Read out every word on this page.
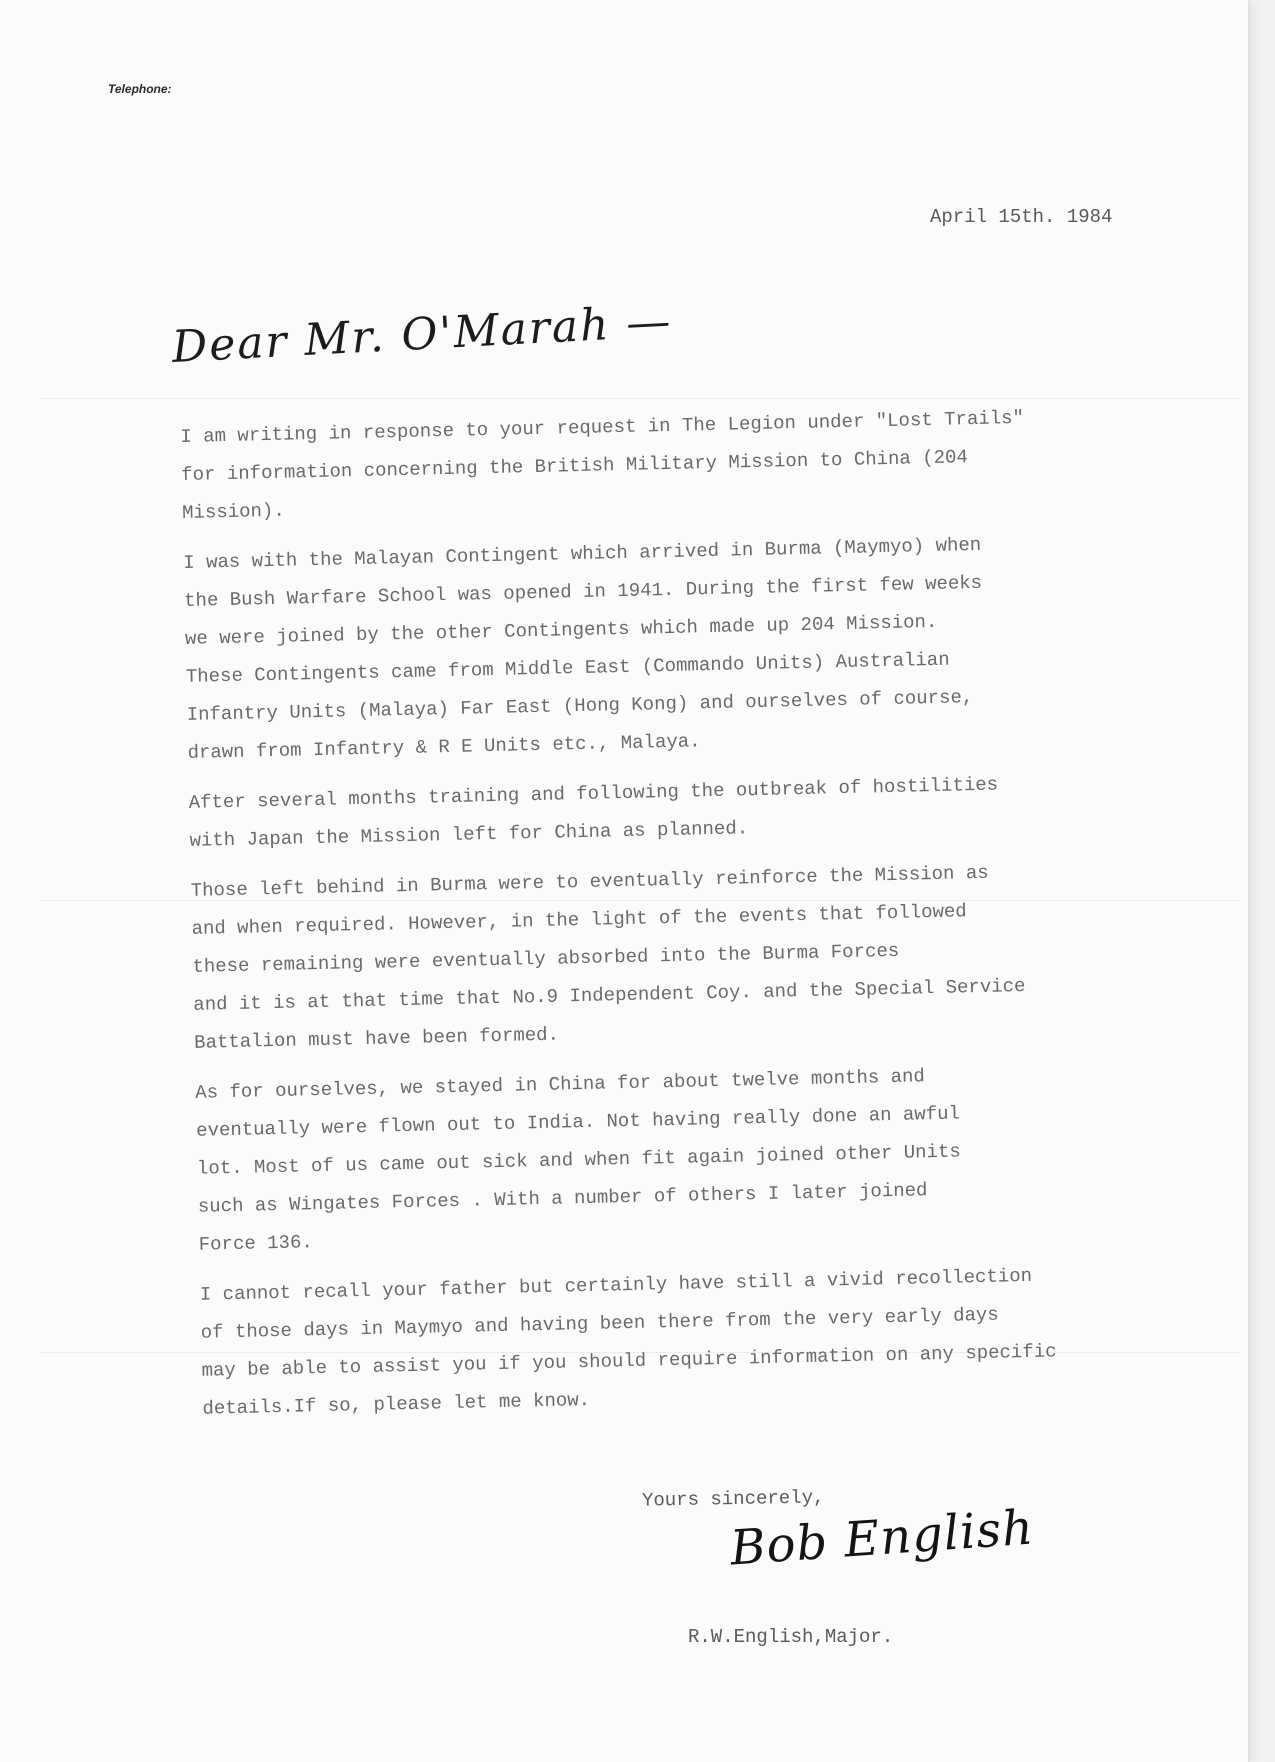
Telephone:
April 15th. 1984
Dear Mr. O'Marah —

I am writing in response to your request in The Legion under "Lost Trails"
for information concerning the British Military Mission to China (204
Mission).

I was with the Malayan Contingent which arrived in Burma (Maymyo) when
the Bush Warfare School was opened in 1941. During the first few weeks
we were joined by the other Contingents which made up 204 Mission.
These Contingents came from Middle East (Commando Units) Australian
Infantry Units (Malaya) Far East (Hong Kong) and ourselves of course,
drawn from Infantry & R E Units etc., Malaya.

After several months training and following the outbreak of hostilities
with Japan the Mission left for China as planned.

Those left behind in Burma were to eventually reinforce the Mission as
and when required. However, in the light of the events that followed
these remaining were eventually absorbed into the Burma Forces
and it is at that time that No.9 Independent Coy. and the Special Service
Battalion must have been formed.

As for ourselves, we stayed in China for about twelve months and
eventually were flown out to India. Not having really done an awful
lot. Most of us came out sick and when fit again joined other Units
such as Wingates Forces . With a number of others I later joined
Force 136.

I cannot recall your father but certainly have still a vivid recollection
of those days in Maymyo and having been there from the very early days
may be able to assist you if you should require information on any specific
details.If so, please let me know.

Yours sincerely,
Bob English
R.W.English,Major.
